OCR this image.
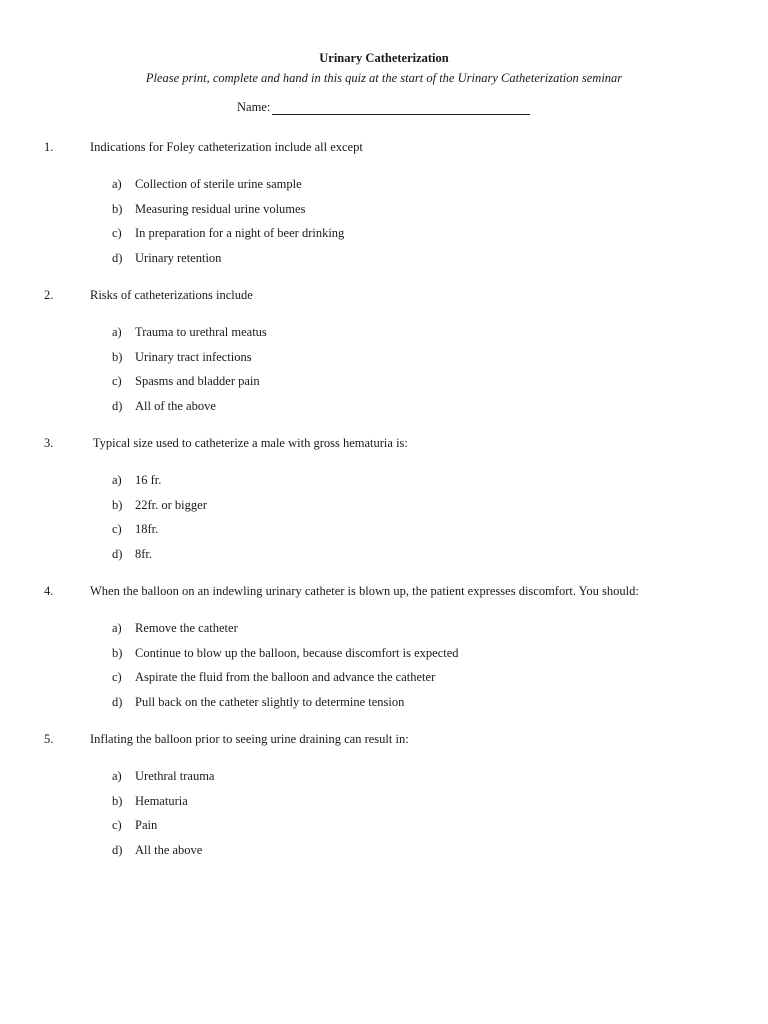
Urinary Catheterization
Please print, complete and hand in this quiz at the start of the Urinary Catheterization seminar
Name:
1.	Indications for Foley catheterization include all except
a) Collection of sterile urine sample
b) Measuring residual urine volumes
c) In preparation for a night of beer drinking
d) Urinary retention
2.	Risks of catheterizations include
a) Trauma to urethral meatus
b) Urinary tract infections
c) Spasms and bladder pain
d) All of the above
3.	Typical size used to catheterize a male with gross hematuria is:
a) 16 fr.
b) 22fr. or bigger
c) 18fr.
d) 8fr.
4.	When the balloon on an indewling urinary catheter is blown up, the patient expresses discomfort. You should:
a) Remove the catheter
b) Continue to blow up the balloon, because discomfort is expected
c) Aspirate the fluid from the balloon and advance the catheter
d) Pull back on the catheter slightly to determine tension
5.	Inflating the balloon prior to seeing urine draining can result in:
a) Urethral trauma
b) Hematuria
c) Pain
d) All the above
